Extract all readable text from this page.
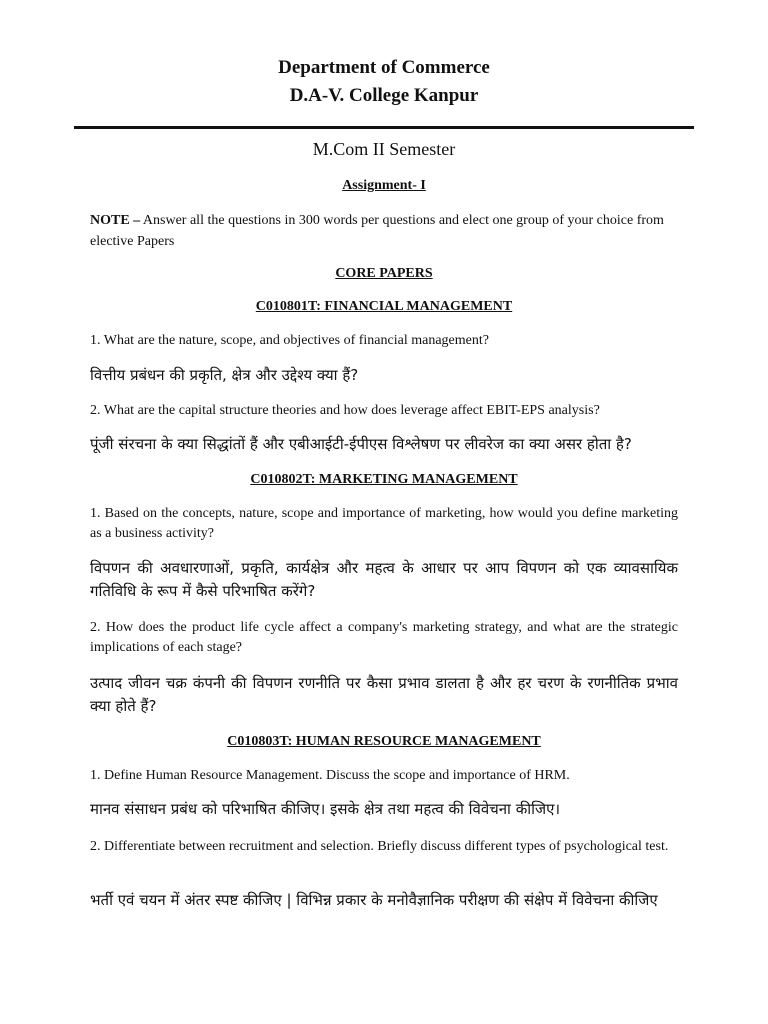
Department of Commerce
D.A-V. College Kanpur
M.Com II Semester
Assignment- I
NOTE – Answer all the questions in 300 words per questions and elect one group of your choice from elective Papers
CORE PAPERS
C010801T: FINANCIAL MANAGEMENT
1. What are the nature, scope, and objectives of financial management?
वित्तीय प्रबंधन की प्रकृति, क्षेत्र और उद्देश्य क्या हैं?
2. What are the capital structure theories and how does leverage affect EBIT-EPS analysis?
पूंजी संरचना के क्या सिद्धांतों हैं और एबीआईटी-ईपीएस विश्लेषण पर लीवरेज का क्या असर होता है?
C010802T: MARKETING MANAGEMENT
1. Based on the concepts, nature, scope and importance of marketing, how would you define marketing as a business activity?
विपणन की अवधारणाओं, प्रकृति, कार्यक्षेत्र और महत्व के आधार पर आप विपणन को एक व्यावसायिक गतिविधि के रूप में कैसे परिभाषित करेंगे?
2. How does the product life cycle affect a company's marketing strategy, and what are the strategic implications of each stage?
उत्पाद जीवन चक्र कंपनी की विपणन रणनीति पर कैसा प्रभाव डालता है और हर चरण के रणनीतिक प्रभाव क्या होते हैं?
C010803T: HUMAN RESOURCE MANAGEMENT
1. Define Human Resource Management. Discuss the scope and importance of HRM.
मानव संसाधन प्रबंध को परिभाषित कीजिए। इसके क्षेत्र तथा महत्व की विवेचना कीजिए।
2. Differentiate between recruitment and selection. Briefly discuss different types of psychological test.
भर्ती एवं चयन में अंतर स्पष्ट कीजिए | विभिन्न प्रकार के मनोवैज्ञानिक परीक्षण की संक्षेप में विवेचना कीजिए
